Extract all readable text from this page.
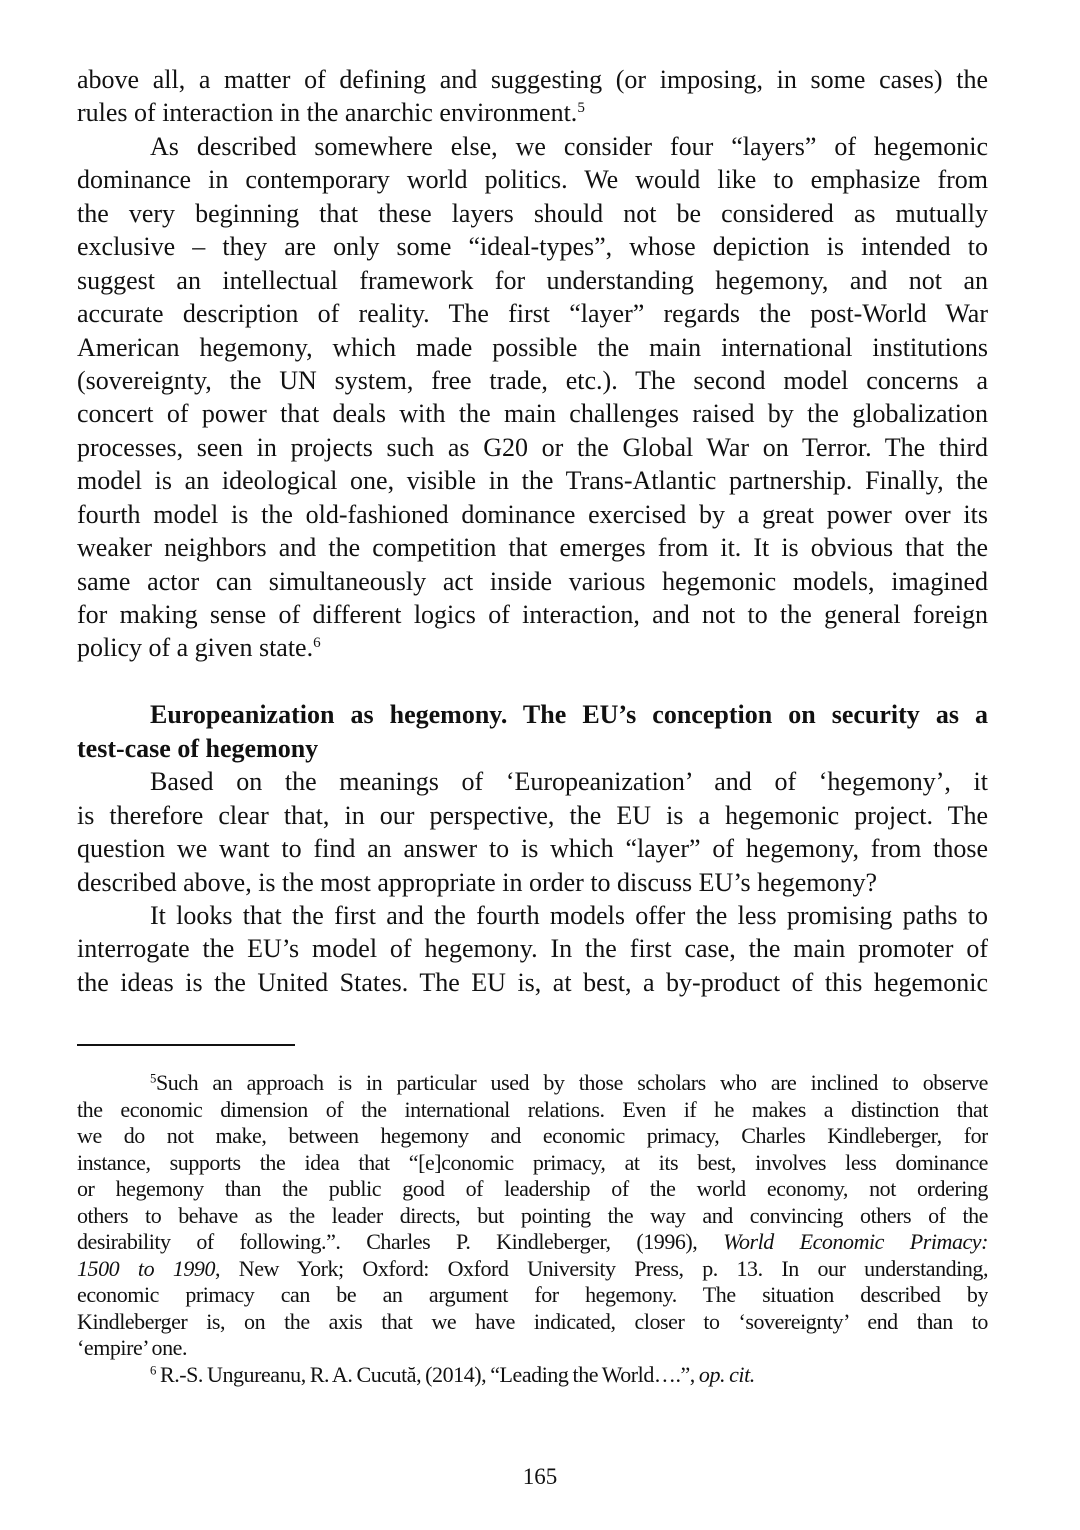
above all, a matter of defining and suggesting (or imposing, in some cases) the
rules of interaction in the anarchic environment.$^5$
As described somewhere else, we consider four “layers” of hegemonic
dominance in contemporary world politics. We would like to emphasize from
the very beginning that these layers should not be considered as mutually
exclusive – they are only some “ideal-types”, whose depiction is intended to
suggest an intellectual framework for understanding hegemony, and not an
accurate description of reality. The first “layer” regards the post-World War
American hegemony, which made possible the main international institutions
(sovereignty, the UN system, free trade, etc.). The second model concerns a
concert of power that deals with the main challenges raised by the globalization
processes, seen in projects such as G20 or the Global War on Terror. The third
model is an ideological one, visible in the Trans-Atlantic partnership. Finally, the
fourth model is the old-fashioned dominance exercised by a great power over its
weaker neighbors and the competition that emerges from it. It is obvious that the
same actor can simultaneously act inside various hegemonic models, imagined
for making sense of different logics of interaction, and not to the general foreign
policy of a given state.$^6$
Europeanization as hegemony. The EU’s conception on security as a
test-case of hegemony
Based on the meanings of ‘Europeanization’ and of ‘hegemony’, it
is therefore clear that, in our perspective, the EU is a hegemonic project. The
question we want to find an answer to is which “layer” of hegemony, from those
described above, is the most appropriate in order to discuss EU’s hegemony?
It looks that the first and the fourth models offer the less promising paths to
interrogate the EU’s model of hegemony. In the first case, the main promoter of
the ideas is the United States. The EU is, at best, a by-product of this hegemonic
$^5$Such an approach is in particular used by those scholars who are inclined to observe
the economic dimension of the international relations. Even if he makes a distinction that
we do not make, between hegemony and economic primacy, Charles Kindleberger, for
instance, supports the idea that “[e]conomic primacy, at its best, involves less dominance
or hegemony than the public good of leadership of the world economy, not ordering
others to behave as the leader directs, but pointing the way and convincing others of the
desirability of following.”. Charles P. Kindleberger, (1996), World Economic Primacy:
1500 to 1990, New York; Oxford: Oxford University Press, p. 13. In our understanding,
economic primacy can be an argument for hegemony. The situation described by
Kindleberger is, on the axis that we have indicated, closer to ‘sovereignty’ end than to
‘empire’ one.
$^6$ R.-S. Ungureanu, R. A. Cucută, (2014), “Leading the World….”, op. cit.
165
